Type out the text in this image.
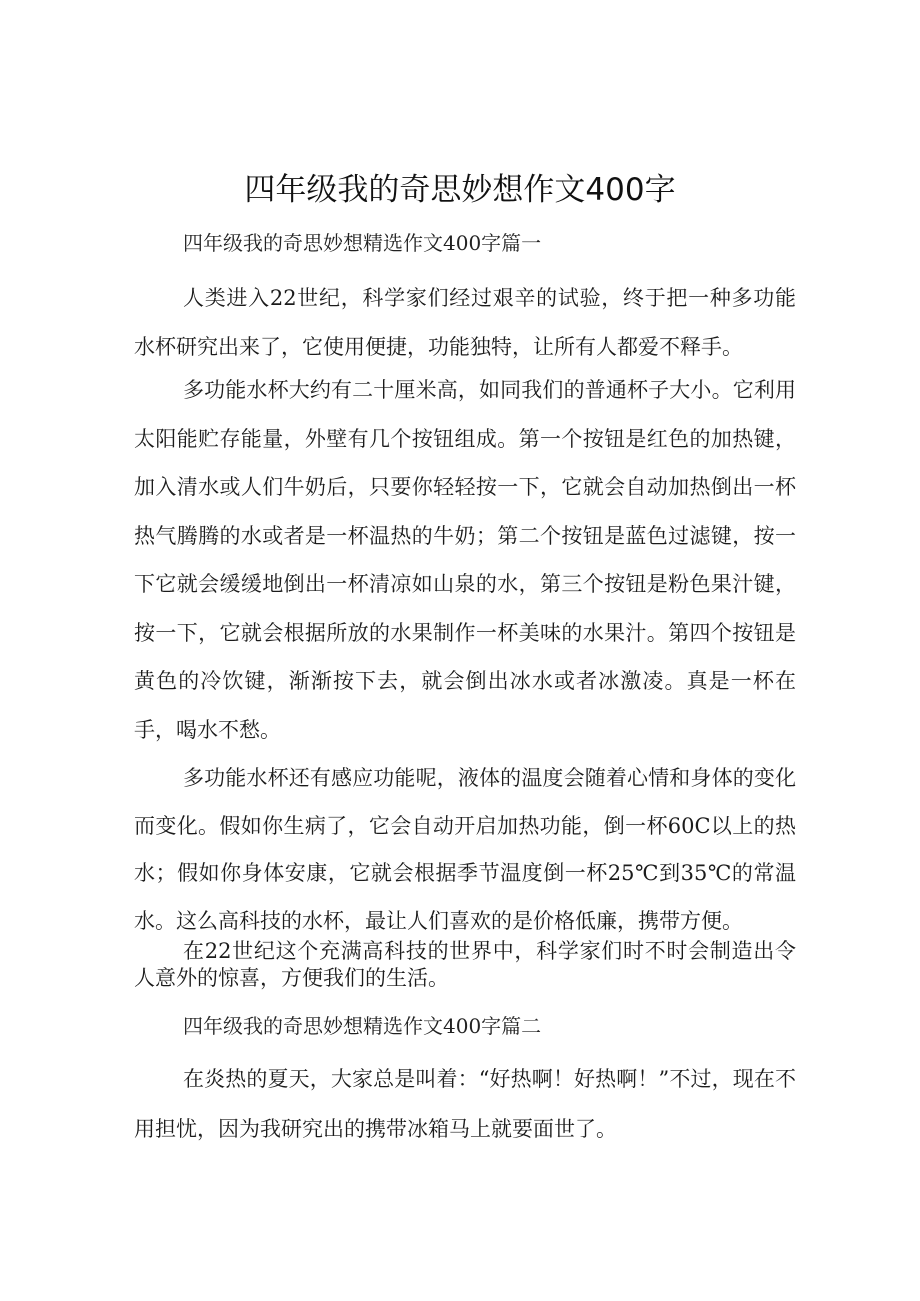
四年级我的奇思妙想作文400字
四年级我的奇思妙想精选作文400字篇一

人类进入22世纪，科学家们经过艰辛的试验，终于把一种多功能水杯研究出来了，它使用便捷，功能独特，让所有人都爱不释手。

多功能水杯大约有二十厘米高，如同我们的普通杯子大小。它利用太阳能贮存能量，外壁有几个按钮组成。第一个按钮是红色的加热键，加入清水或人们牛奶后，只要你轻轻按一下，它就会自动加热倒出一杯热气腾腾的水或者是一杯温热的牛奶；第二个按钮是蓝色过滤键，按一下它就会缓缓地倒出一杯清凉如山泉的水，第三个按钮是粉色果汁键，按一下，它就会根据所放的水果制作一杯美味的水果汁。第四个按钮是黄色的冷饮键，渐渐按下去，就会倒出冰水或者冰激凌。真是一杯在手，喝水不愁。

多功能水杯还有感应功能呢，液体的温度会随着心情和身体的变化而变化。假如你生病了，它会自动开启加热功能，倒一杯60C以上的热水；假如你身体安康，它就会根据季节温度倒一杯25℃到35℃的常温水。这么高科技的水杯，最让人们喜欢的是价格低廉，携带方便。

在22世纪这个充满高科技的世界中，科学家们时不时会制造出令人意外的惊喜，方便我们的生活。

四年级我的奇思妙想精选作文400字篇二

在炎热的夏天，大家总是叫着：“好热啊！好热啊！”不过，现在不用担忧，因为我研究出的携带冰箱马上就要面世了。
